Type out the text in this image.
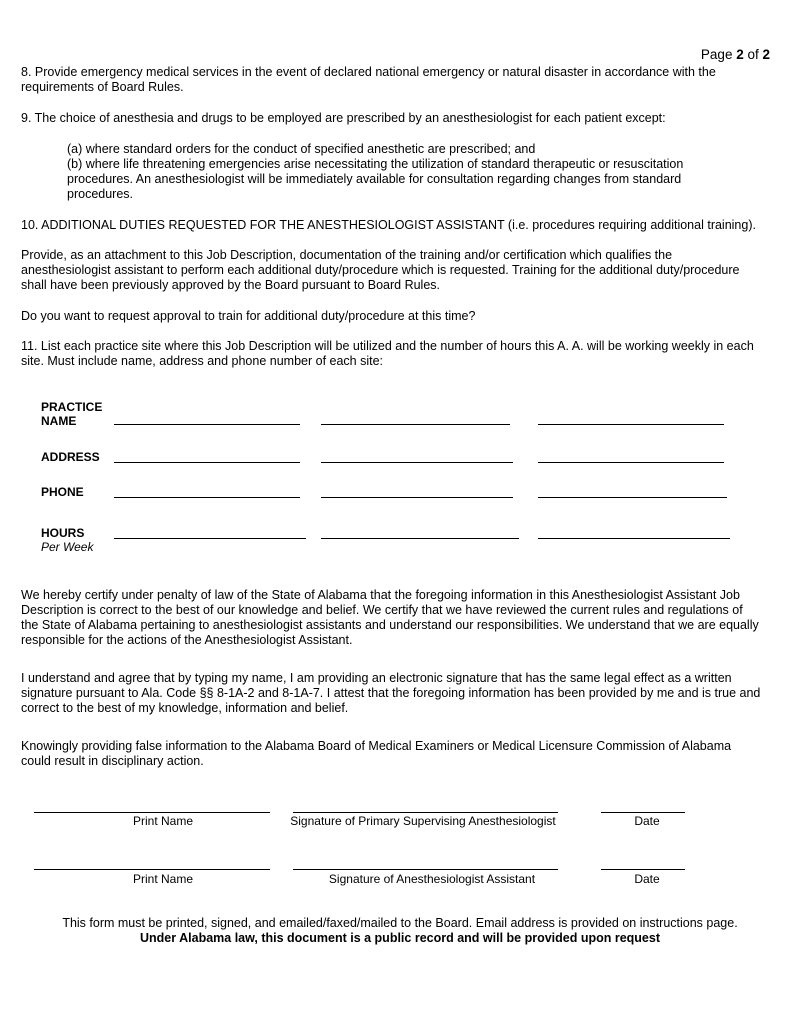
Page 2 of 2

8. Provide emergency medical services in the event of declared national emergency or natural disaster in accordance with the requirements of Board Rules.

9. The choice of anesthesia and drugs to be employed are prescribed by an anesthesiologist for each patient except:

(a) where standard orders for the conduct of specified anesthetic are prescribed; and

(b) where life threatening emergencies arise necessitating the utilization of standard therapeutic or resuscitation procedures. An anesthesiologist will be immediately available for consultation regarding changes from standard procedures.

10. ADDITIONAL DUTIES REQUESTED FOR THE ANESTHESIOLOGIST ASSISTANT (i.e. procedures requiring additional training).

Provide, as an attachment to this Job Description, documentation of the training and/or certification which qualifies the anesthesiologist assistant to perform each additional duty/procedure which is requested. Training for the additional duty/procedure shall have been previously approved by the Board pursuant to Board Rules.

Do you want to request approval to train for additional duty/procedure at this time?

11. List each practice site where this Job Description will be utilized and the number of hours this A. A. will be working weekly in each site. Must include name, address and phone number of each site:

PRACTICE
NAME
ADDRESS
PHONE
HOURS
Per Week

We hereby certify under penalty of law of the State of Alabama that the foregoing information in this Anesthesiologist Assistant Job Description is correct to the best of our knowledge and belief. We certify that we have reviewed the current rules and regulations of the State of Alabama pertaining to anesthesiologist assistants and understand our responsibilities. We understand that we are equally responsible for the actions of the Anesthesiologist Assistant.

I understand and agree that by typing my name, I am providing an electronic signature that has the same legal effect as a written signature pursuant to Ala. Code §§ 8-1A-2 and 8-1A-7. I attest that the foregoing information has been provided by me and is true and correct to the best of my knowledge, information and belief.

Knowingly providing false information to the Alabama Board of Medical Examiners or Medical Licensure Commission of Alabama could result in disciplinary action.

Print Name	Signature of Primary Supervising Anesthesiologist	Date
Print Name	Signature of Anesthesiologist Assistant	Date
This form must be printed, signed, and emailed/faxed/mailed to the Board. Email address is provided on instructions page.
Under Alabama law, this document is a public record and will be provided upon request
